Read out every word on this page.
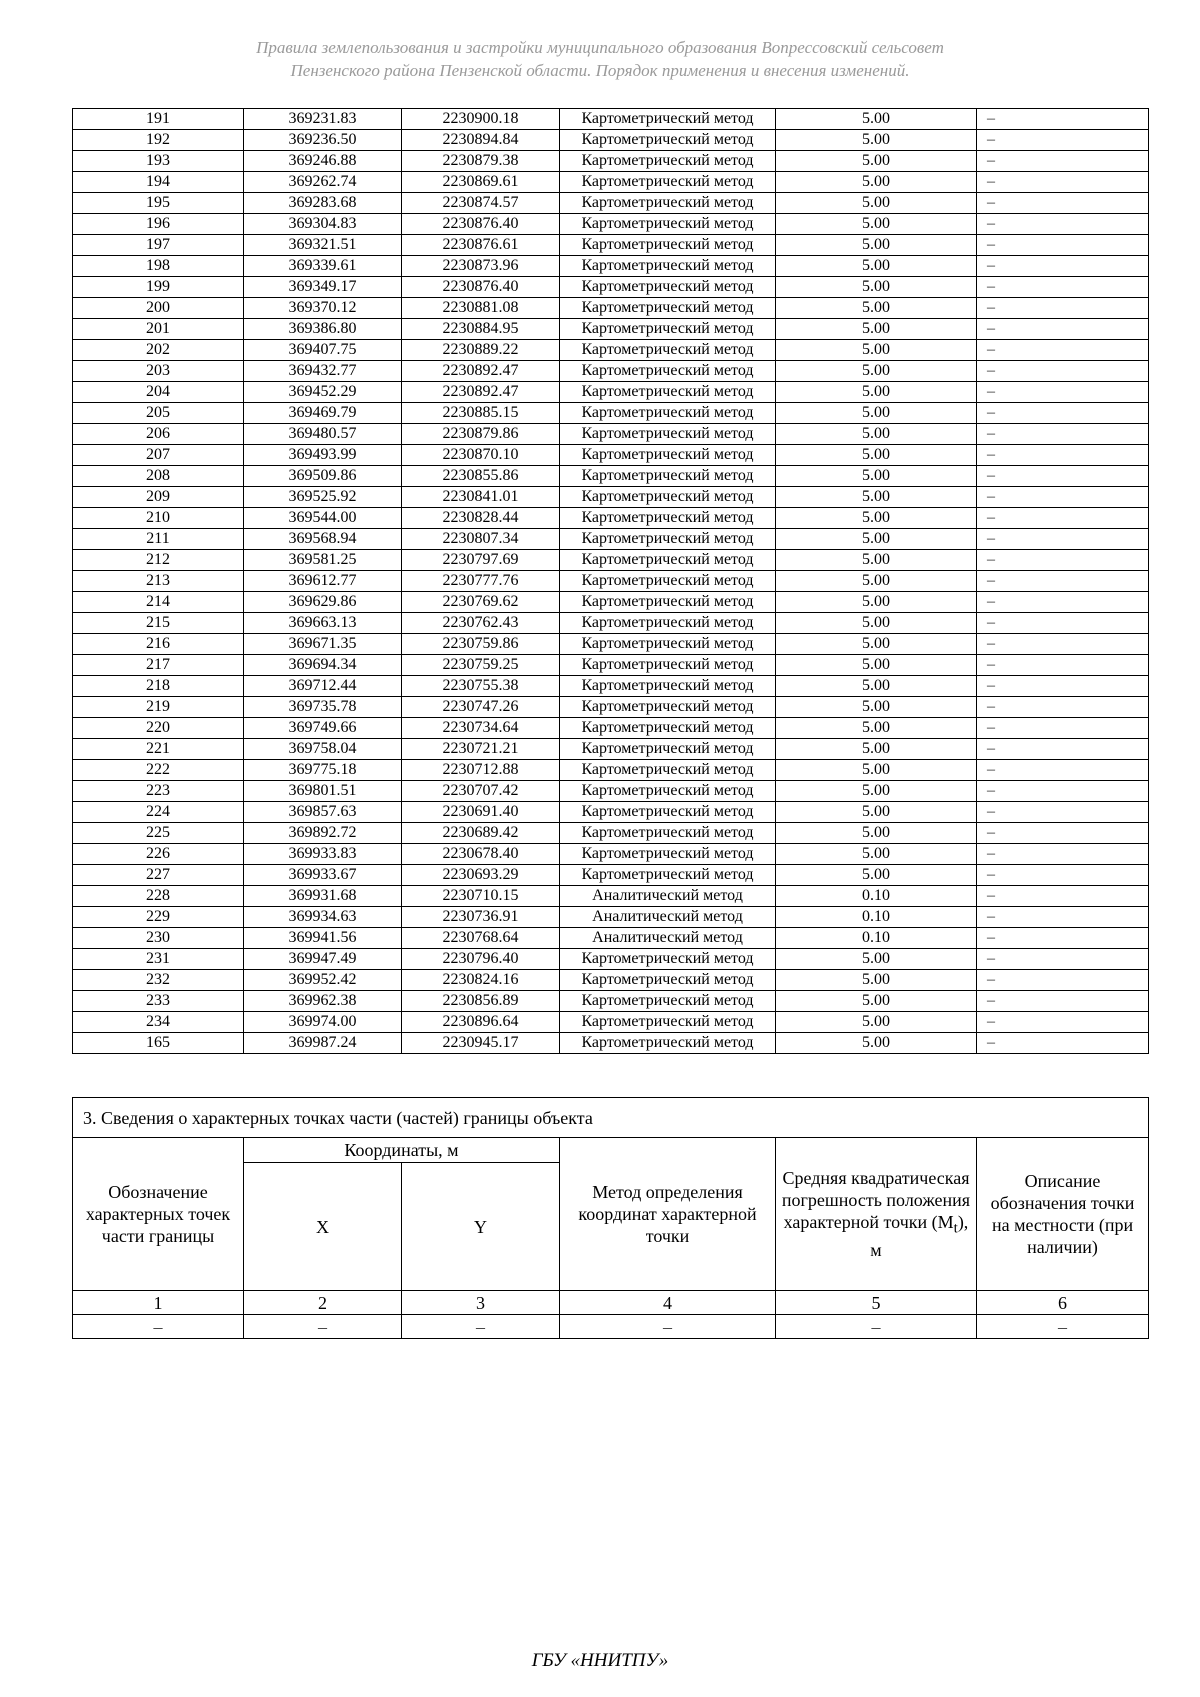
Правила землепользования и застройки муниципального образования Вопрессовский сельсовет
Пензенского района Пензенской области. Порядок применения и внесения изменений.
191	369231.83	2230900.18	Картометрический метод	5.00	–
192	369236.50	2230894.84	Картометрический метод	5.00	–
193	369246.88	2230879.38	Картометрический метод	5.00	–
194	369262.74	2230869.61	Картометрический метод	5.00	–
195	369283.68	2230874.57	Картометрический метод	5.00	–
196	369304.83	2230876.40	Картометрический метод	5.00	–
197	369321.51	2230876.61	Картометрический метод	5.00	–
198	369339.61	2230873.96	Картометрический метод	5.00	–
199	369349.17	2230876.40	Картометрический метод	5.00	–
200	369370.12	2230881.08	Картометрический метод	5.00	–
201	369386.80	2230884.95	Картометрический метод	5.00	–
202	369407.75	2230889.22	Картометрический метод	5.00	–
203	369432.77	2230892.47	Картометрический метод	5.00	–
204	369452.29	2230892.47	Картометрический метод	5.00	–
205	369469.79	2230885.15	Картометрический метод	5.00	–
206	369480.57	2230879.86	Картометрический метод	5.00	–
207	369493.99	2230870.10	Картометрический метод	5.00	–
208	369509.86	2230855.86	Картометрический метод	5.00	–
209	369525.92	2230841.01	Картометрический метод	5.00	–
210	369544.00	2230828.44	Картометрический метод	5.00	–
211	369568.94	2230807.34	Картометрический метод	5.00	–
212	369581.25	2230797.69	Картометрический метод	5.00	–
213	369612.77	2230777.76	Картометрический метод	5.00	–
214	369629.86	2230769.62	Картометрический метод	5.00	–
215	369663.13	2230762.43	Картометрический метод	5.00	–
216	369671.35	2230759.86	Картометрический метод	5.00	–
217	369694.34	2230759.25	Картометрический метод	5.00	–
218	369712.44	2230755.38	Картометрический метод	5.00	–
219	369735.78	2230747.26	Картометрический метод	5.00	–
220	369749.66	2230734.64	Картометрический метод	5.00	–
221	369758.04	2230721.21	Картометрический метод	5.00	–
222	369775.18	2230712.88	Картометрический метод	5.00	–
223	369801.51	2230707.42	Картометрический метод	5.00	–
224	369857.63	2230691.40	Картометрический метод	5.00	–
225	369892.72	2230689.42	Картометрический метод	5.00	–
226	369933.83	2230678.40	Картометрический метод	5.00	–
227	369933.67	2230693.29	Картометрический метод	5.00	–
228	369931.68	2230710.15	Аналитический метод	0.10	–
229	369934.63	2230736.91	Аналитический метод	0.10	–
230	369941.56	2230768.64	Аналитический метод	0.10	–
231	369947.49	2230796.40	Картометрический метод	5.00	–
232	369952.42	2230824.16	Картометрический метод	5.00	–
233	369962.38	2230856.89	Картометрический метод	5.00	–
234	369974.00	2230896.64	Картометрический метод	5.00	–
165	369987.24	2230945.17	Картометрический метод	5.00	–
3. Сведения о характерных точках части (частей) границы объекта					
Обозначение характерных точек части границы	Координаты, м		Метод определения координат характерной точки	Средняя квадратическая погрешность положения характерной точки $(M_t)$, м	Описание обозначения точки на местности (при наличии)
	X	Y			
1	2	3	4	5	6
–	–	–	–	–	–
ГБУ «ННИТПУ»
